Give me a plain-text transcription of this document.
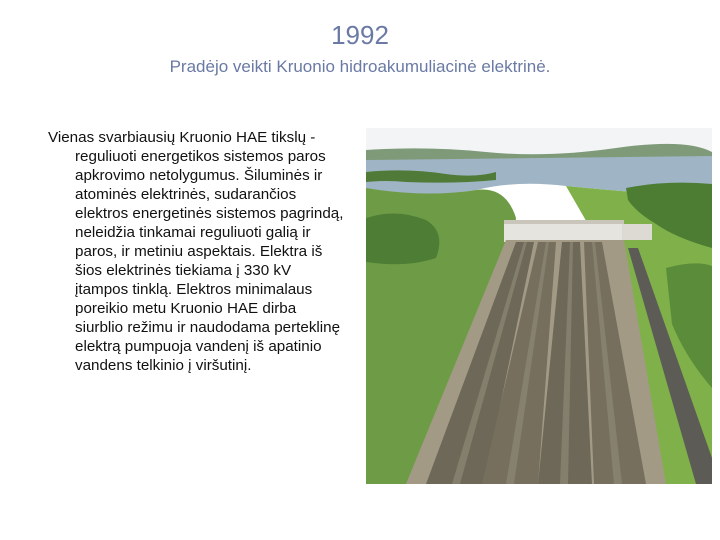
1992
Pradėjo veikti Kruonio hidroakumuliacinė elektrinė.
Vienas svarbiausių Kruonio HAE tikslų - reguliuoti energetikos sistemos paros apkrovimo netolygumus. Šiluminės ir atominės elektrinės, sudarančios elektros energetinės sistemos pagrindą, neleidžia tinkamai reguliuoti galią ir paros, ir metiniu aspektais. Elektra iš šios elektrinės tiekiama į 330 kV įtampos tinklą. Elektros minimalaus poreikio metu Kruonio HAE dirba siurblio režimu ir naudodama perteklinę elektrą pumpuoja vandenį iš apatinio vandens telkinio į viršutinį.
